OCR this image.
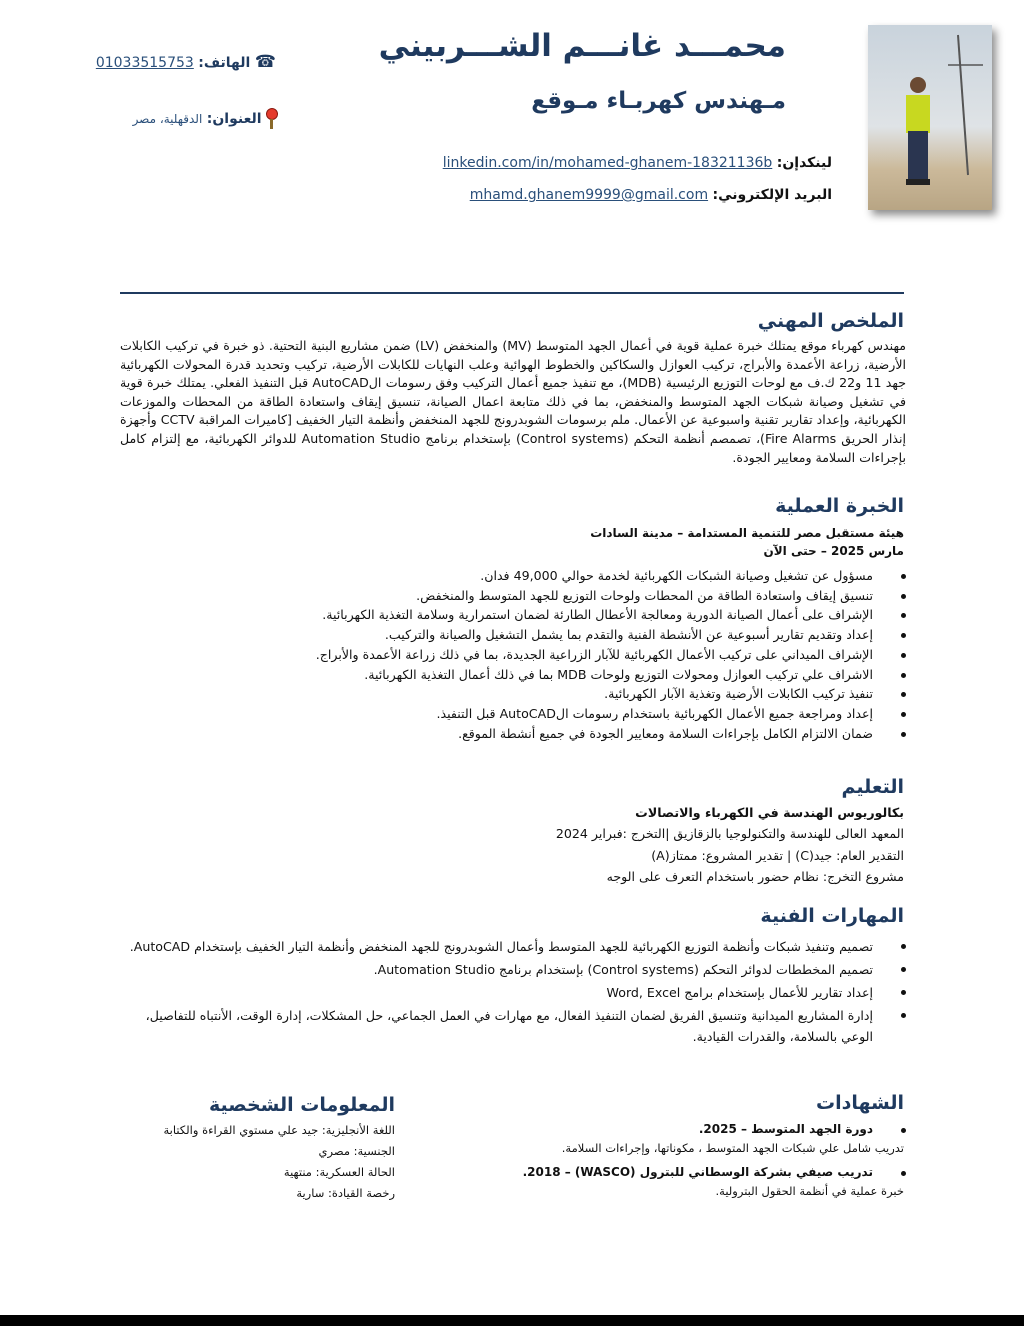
محمـــد غانـــم الشـــربيني
مـهندس كهربـاء مـوقع
☎ الهاتف: 01033515753
العنوان: الدقهلية، مصر
لينكدإن: linkedin.com/in/mohamed-ghanem-18321136b
البريد الإلكتروني: mhamd.ghanem9999@gmail.com
الملخص المهني
مهندس كهرباء موقع يمتلك خبرة عملية قوية في أعمال الجهد المتوسط (MV) والمنخفض (LV) ضمن مشاريع البنية التحتية. ذو خبرة في تركيب الكابلات الأرضية، زراعة الأعمدة والأبراج، تركيب العوازل والسكاكين والخطوط الهوائية وعلب النهايات للكابلات الأرضية، تركيب وتحديد قدرة المحولات الكهربائية جهد 11 و22 ك.ف مع لوحات التوزيع الرئيسية (MDB)، مع تنفيذ جميع أعمال التركيب وفق رسومات الAutoCAD قبل التنفيذ الفعلي. يمتلك خبرة قوية في تشغيل وصيانة شبكات الجهد المتوسط والمنخفض، بما في ذلك متابعة اعمال الصيانة، تنسيق إيقاف واستعادة الطاقة من المحطات والموزعات الكهربائية، وإعداد تقارير تقنية واسبوعية عن الأعمال. ملم برسومات الشوبدرونج للجهد المنخفض وأنظمة التيار الخفيف [كاميرات المراقبة CCTV وأجهزة إنذار الحريق Fire Alarms)، تصمصم أنظمة التحكم (Control systems) بإستخدام برنامج Automation Studio للدوائر الكهربائية، مع إلتزام كامل بإجراءات السلامة ومعايير الجودة.
الخبرة العملية
هيئة مستقبل مصر للتنمية المستدامة – مدينة السادات
مارس 2025 – حتى الآن
مسؤول عن تشغيل وصيانة الشبكات الكهربائية لخدمة حوالي 49,000 فدان.
تنسيق إيقاف واستعادة الطاقة من المحطات ولوحات التوزيع للجهد المتوسط والمنخفض.
الإشراف على أعمال الصيانة الدورية ومعالجة الأعطال الطارئة لضمان استمرارية وسلامة التغذية الكهربائية.
إعداد وتقديم تقارير أسبوعية عن الأنشطة الفنية والتقدم بما يشمل التشغيل والصيانة والتركيب.
الإشراف الميداني على تركيب الأعمال الكهربائية للآبار الزراعية الجديدة، بما في ذلك زراعة الأعمدة والأبراج.
الاشراف علي تركيب العوازل ومحولات التوزيع ولوحات MDB بما في ذلك أعمال التغذية الكهربائية.
تنفيذ تركيب الكابلات الأرضية وتغذية الآبار الكهربائية.
إعداد ومراجعة جميع الأعمال الكهربائية باستخدام رسومات الAutoCAD قبل التنفيذ.
ضمان الالتزام الكامل بإجراءات السلامة ومعايير الجودة في جميع أنشطة الموقع.
التعليم
بكالوريوس الهندسة في الكهرباء والاتصالات
المعهد العالى للهندسة والتكنولوجيا بالزقازيق |التخرج :فبراير 2024
التقدير العام: جيد(C) | تقدير المشروع: ممتاز(A)
مشروع التخرج: نظام حضور باستخدام التعرف على الوجه
المهارات الفنية
تصميم وتنفيذ شبكات وأنظمة التوزيع الكهربائية للجهد المتوسط وأعمال الشوبدرونج للجهد المنخفض وأنظمة التيار الخفيف بإستخدام AutoCAD.
تصميم المخططات لدوائر التحكم (Control systems) بإستخدام برنامج Automation Studio.
إعداد تقارير للأعمال بإستخدام برامج Word, Excel
إدارة المشاريع الميدانية وتنسيق الفريق لضمان التنفيذ الفعال، مع مهارات في العمل الجماعي، حل المشكلات، إدارة الوقت، الأنتباه للتفاصيل، الوعي بالسلامة، والقدرات القيادية.
الشهادات
دورة الجهد المتوسط – 2025.
تدريب شامل علي شبكات الجهد المتوسط ، مكوناتها، وإجراءات السلامة.
تدريب صيفي بشركة الوسطاني للبترول (WASCO) – 2018.
خبرة عملية في أنظمة الحقول البترولية.
المعلومات الشخصية
اللغة الأنجليزية: جيد علي مستوي القراءة والكتابة
الجنسية: مصري
الحالة العسكرية: منتهية
رخصة القيادة: سارية
